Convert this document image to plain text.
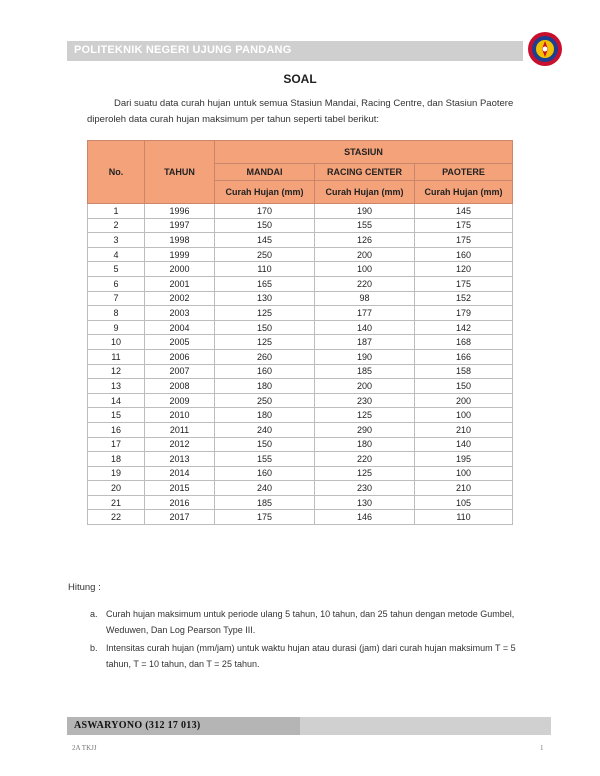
POLITEKNIK NEGERI UJUNG PANDANG
SOAL
Dari suatu data curah hujan untuk semua Stasiun Mandai, Racing Centre, dan Stasiun Paotere
diperoleh data curah hujan maksimum per tahun seperti tabel berikut:
No.	TAHUN	STASIUN		
		MANDAI	RACING CENTER	PAOTERE
		Curah Hujan (mm)	Curah Hujan (mm)	Curah Hujan (mm)
1	1996	170	190	145
2	1997	150	155	175
3	1998	145	126	175
4	1999	250	200	160
5	2000	110	100	120
6	2001	165	220	175
7	2002	130	98	152
8	2003	125	177	179
9	2004	150	140	142
10	2005	125	187	168
11	2006	260	190	166
12	2007	160	185	158
13	2008	180	200	150
14	2009	250	230	200
15	2010	180	125	100
16	2011	240	290	210
17	2012	150	180	140
18	2013	155	220	195
19	2014	160	125	100
20	2015	240	230	210
21	2016	185	130	105
22	2017	175	146	110
Hitung :
a. Curah hujan maksimum untuk periode ulang 5 tahun, 10 tahun, dan 25 tahun dengan metode Gumbel, Weduwen, Dan Log Pearson Type III.
b. Intensitas curah hujan (mm/jam) untuk waktu hujan atau durasi (jam) dari curah hujan maksimum T = 5 tahun, T = 10 tahun, dan T = 25 tahun.
ASWARYONO (312 17 013)
2A TKJJ	1
